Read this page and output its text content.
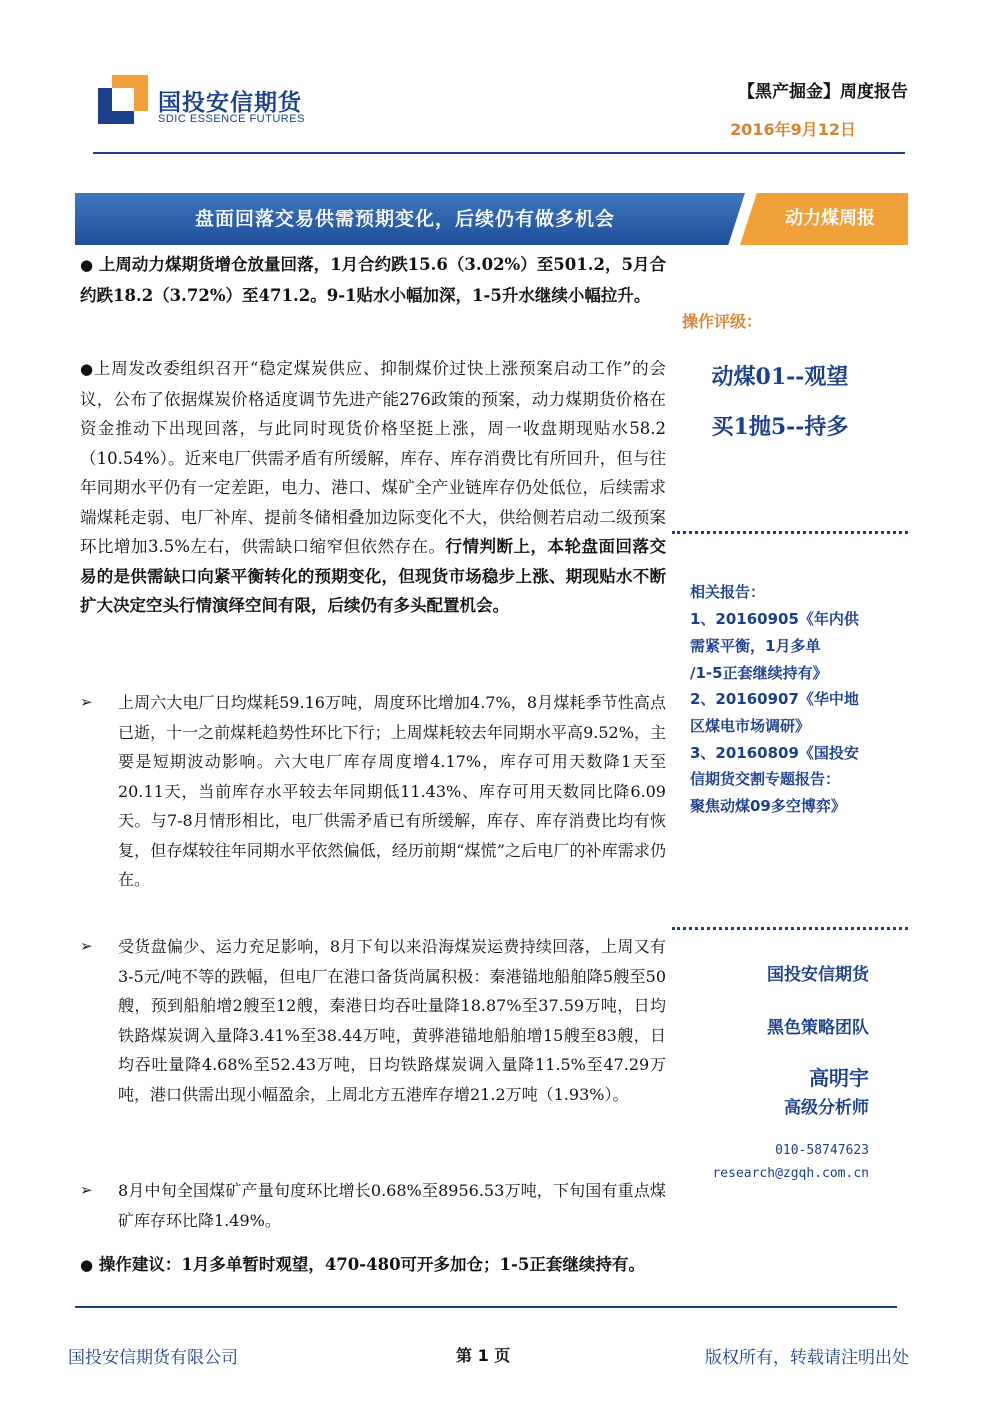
国投安信期货
SDIC ESSENCE FUTURES
【黑产掘金】周度报告
2016年9月12日
盘面回落交易供需预期变化，后续仍有做多机会	动力煤周报
● 上周动力煤期货增仓放量回落，1月合约跌15.6（3.02%）至501.2，5月合约跌18.2（3.72%）至471.2。9-1贴水小幅加深，1-5升水继续小幅拉升。
●上周发改委组织召开“稳定煤炭供应、抑制煤价过快上涨预案启动工作”的会议，公布了依据煤炭价格适度调节先进产能276政策的预案，动力煤期货价格在资金推动下出现回落，与此同时现货价格坚挺上涨，周一收盘期现贴水58.2（10.54%）。近来电厂供需矛盾有所缓解，库存、库存消费比有所回升，但与往年同期水平仍有一定差距，电力、港口、煤矿全产业链库存仍处低位，后续需求端煤耗走弱、电厂补库、提前冬储相叠加边际变化不大，供给侧若启动二级预案环比增加3.5%左右，供需缺口缩窄但依然存在。行情判断上，本轮盘面回落交易的是供需缺口向紧平衡转化的预期变化，但现货市场稳步上涨、期现贴水不断扩大决定空头行情演绎空间有限，后续仍有多头配置机会。
➢	上周六大电厂日均煤耗59.16万吨，周度环比增加4.7%，8月煤耗季节性高点已逝，十一之前煤耗趋势性环比下行；上周煤耗较去年同期水平高9.52%，主要是短期波动影响。六大电厂库存周度增4.17%，库存可用天数降1天至20.11天，当前库存水平较去年同期低11.43%、库存可用天数同比降6.09天。与7-8月情形相比，电厂供需矛盾已有所缓解，库存、库存消费比均有恢复，但存煤较往年同期水平依然偏低，经历前期“煤慌”之后电厂的补库需求仍在。
➢	受货盘偏少、运力充足影响，8月下旬以来沿海煤炭运费持续回落，上周又有3-5元/吨不等的跌幅，但电厂在港口备货尚属积极：秦港锚地船舶降5艘至50艘，预到船舶增2艘至12艘，秦港日均吞吐量降18.87%至37.59万吨，日均铁路煤炭调入量降3.41%至38.44万吨，黄骅港锚地船舶增15艘至83艘，日均吞吐量降4.68%至52.43万吨，日均铁路煤炭调入量降11.5%至47.29万吨，港口供需出现小幅盈余，上周北方五港库存增21.2万吨（1.93%）。
➢	8月中旬全国煤矿产量旬度环比增长0.68%至8956.53万吨，下旬国有重点煤矿库存环比降1.49%。
● 操作建议：1月多单暂时观望，470-480可开多加仓；1-5正套继续持有。
操作评级：
动煤01--观望
买1抛5--持多
相关报告：
1、20160905《年内供
需紧平衡，1月多单
/1-5正套继续持有》
2、20160907《华中地
区煤电市场调研》
3、20160809《国投安
信期货交割专题报告：
聚焦动煤09多空博弈》
国投安信期货
黑色策略团队
高明宇
高级分析师
010-58747623
research@zgqh.com.cn
国投安信期货有限公司	第 1 页	版权所有，转载请注明出处
